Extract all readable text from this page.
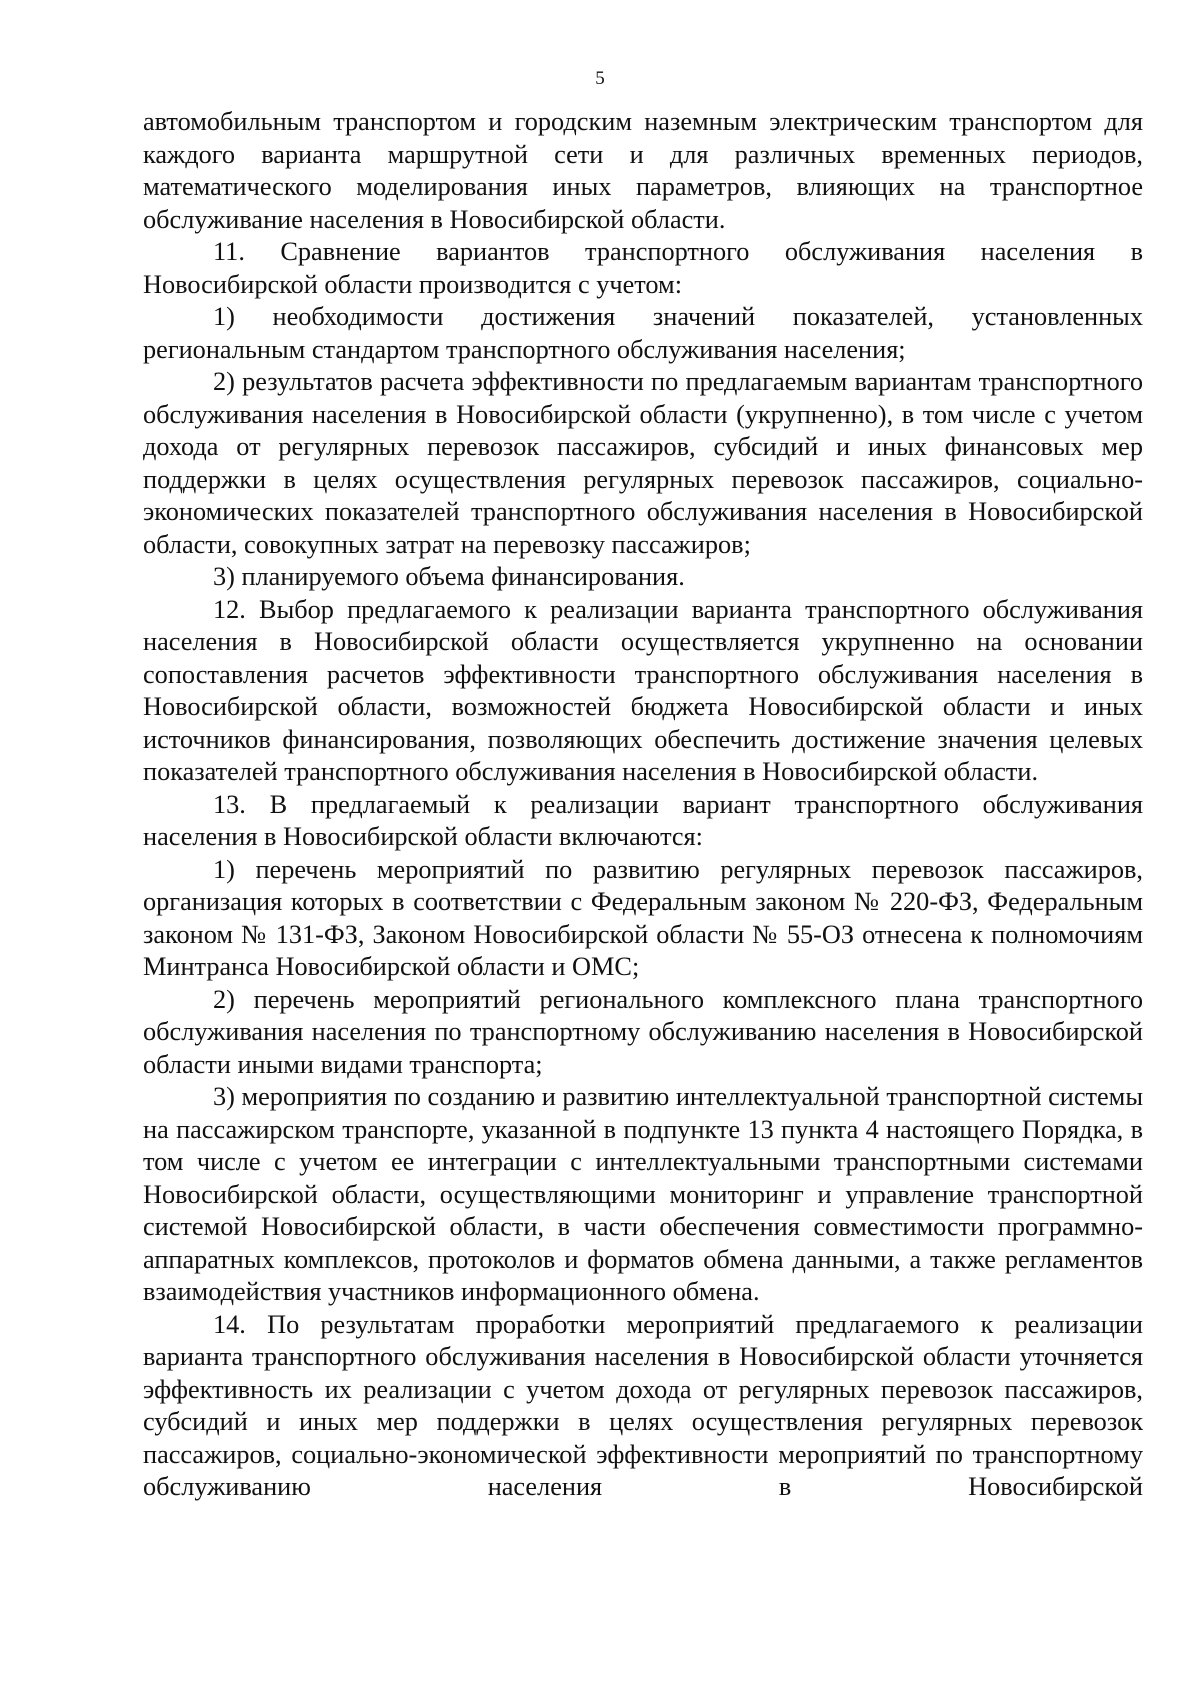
5

автомобильным транспортом и городским наземным электрическим транспортом для каждого варианта маршрутной сети и для различных временных периодов, математического моделирования иных параметров, влияющих на транспортное обслуживание населения в Новосибирской области.

11. Сравнение вариантов транспортного обслуживания населения в Новосибирской области производится с учетом:

1) необходимости достижения значений показателей, установленных региональным стандартом транспортного обслуживания населения;

2) результатов расчета эффективности по предлагаемым вариантам транспортного обслуживания населения в Новосибирской области (укрупненно), в том числе с учетом дохода от регулярных перевозок пассажиров, субсидий и иных финансовых мер поддержки в целях осуществления регулярных перевозок пассажиров, социально-экономических показателей транспортного обслуживания населения в Новосибирской области, совокупных затрат на перевозку пассажиров;

3) планируемого объема финансирования.

12. Выбор предлагаемого к реализации варианта транспортного обслуживания населения в Новосибирской области осуществляется укрупненно на основании сопоставления расчетов эффективности транспортного обслуживания населения в Новосибирской области, возможностей бюджета Новосибирской области и иных источников финансирования, позволяющих обеспечить достижение значения целевых показателей транспортного обслуживания населения в Новосибирской области.

13. В предлагаемый к реализации вариант транспортного обслуживания населения в Новосибирской области включаются:

1) перечень мероприятий по развитию регулярных перевозок пассажиров, организация которых в соответствии с Федеральным законом № 220-ФЗ, Федеральным законом № 131-ФЗ, Законом Новосибирской области № 55-ОЗ отнесена к полномочиям Минтранса Новосибирской области и ОМС;

2) перечень мероприятий регионального комплексного плана транспортного обслуживания населения по транспортному обслуживанию населения в Новосибирской области иными видами транспорта;

3) мероприятия по созданию и развитию интеллектуальной транспортной системы на пассажирском транспорте, указанной в подпункте 13 пункта 4 настоящего Порядка, в том числе с учетом ее интеграции с интеллектуальными транспортными системами Новосибирской области, осуществляющими мониторинг и управление транспортной системой Новосибирской области, в части обеспечения совместимости программно-аппаратных комплексов, протоколов и форматов обмена данными, а также регламентов взаимодействия участников информационного обмена.

14. По результатам проработки мероприятий предлагаемого к реализации варианта транспортного обслуживания населения в Новосибирской области уточняется эффективность их реализации с учетом дохода от регулярных перевозок пассажиров, субсидий и иных мер поддержки в целях осуществления регулярных перевозок пассажиров, социально-экономической эффективности мероприятий по транспортному обслуживанию населения в Новосибирской
